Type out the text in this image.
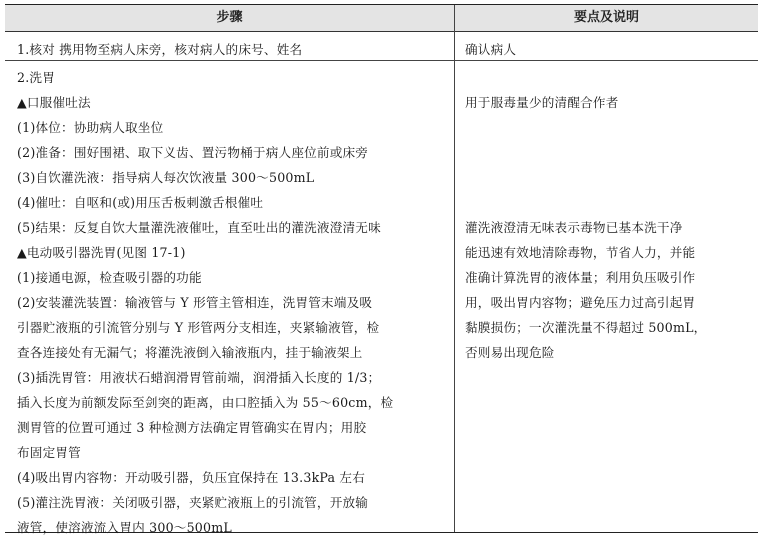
步骤	要点及说明
1.核对 携用物至病人床旁，核对病人的床号、姓名	确认病人
2.洗胃
▲口服催吐法
(1)体位：协助病人取坐位
(2)准备：围好围裙、取下义齿、置污物桶于病人座位前或床旁
(3)自饮灌洗液：指导病人每次饮液量 300～500mL
(4)催吐：自呕和(或)用压舌板刺激舌根催吐
(5)结果：反复自饮大量灌洗液催吐，直至吐出的灌洗液澄清无味
▲电动吸引器洗胃(见图 17-1)
(1)接通电源，检查吸引器的功能
(2)安装灌洗装置：输液管与 Y 形管主管相连，洗胃管末端及吸
引器贮液瓶的引流管分别与 Y 形管两分支相连，夹紧输液管，检
查各连接处有无漏气；将灌洗液倒入输液瓶内，挂于输液架上
(3)插洗胃管：用液状石蜡润滑胃管前端，润滑插入长度的 1/3；
插入长度为前额发际至剑突的距离，由口腔插入为 55～60cm，检
测胃管的位置可通过 3 种检测方法确定胃管确实在胃内；用胶
布固定胃管
(4)吸出胃内容物：开动吸引器，负压宜保持在 13.3kPa 左右
(5)灌注洗胃液：关闭吸引器，夹紧贮液瓶上的引流管，开放输
液管，使溶液流入胃内 300～500mL
用于服毒量少的清醒合作者
灌洗液澄清无味表示毒物已基本洗干净
能迅速有效地清除毒物，节省人力，并能
准确计算洗胃的液体量；利用负压吸引作
用，吸出胃内容物；避免压力过高引起胃
黏膜损伤；一次灌洗量不得超过 500mL，
否则易出现危险
